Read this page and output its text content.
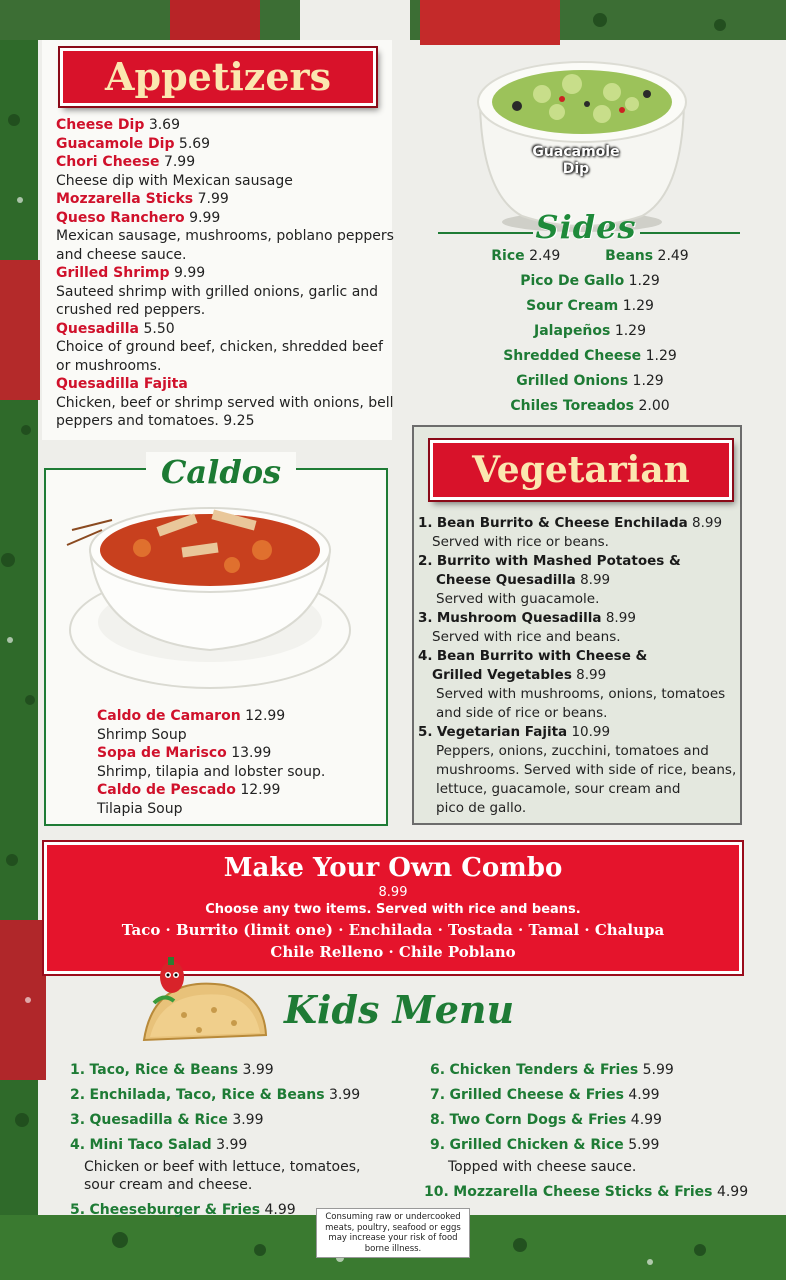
Appetizers
Cheese Dip 3.69
Guacamole Dip 5.69
Chori Cheese 7.99
Cheese dip with Mexican sausage
Mozzarella Sticks 7.99
Queso Ranchero 9.99
Mexican sausage, mushrooms, poblano peppers
and cheese sauce.
Grilled Shrimp 9.99
Sauteed shrimp with grilled onions, garlic and
crushed red peppers.
Quesadilla 5.50
Choice of ground beef, chicken, shredded beef
or mushrooms.
Quesadilla Fajita
Chicken, beef or shrimp served with onions, bell
peppers and tomatoes. 9.25
Guacamole
Dip
Sides
Rice 2.49	Beans 2.49
Pico De Gallo 1.29
Sour Cream 1.29
Jalapeños 1.29
Shredded Cheese 1.29
Grilled Onions 1.29
Chiles Toreados 2.00
Caldos
Caldo de Camaron 12.99
Shrimp Soup
Sopa de Marisco 13.99
Shrimp, tilapia and lobster soup.
Caldo de Pescado 12.99
Tilapia Soup
Vegetarian
1. Bean Burrito & Cheese Enchilada 8.99
Served with rice or beans.
2. Burrito with Mashed Potatoes &
Cheese Quesadilla 8.99
Served with guacamole.
3. Mushroom Quesadilla 8.99
Served with rice and beans.
4. Bean Burrito with Cheese &
Grilled Vegetables 8.99
Served with mushrooms, onions, tomatoes
and side of rice or beans.
5. Vegetarian Fajita 10.99
Peppers, onions, zucchini, tomatoes and
mushrooms. Served with side of rice, beans,
lettuce, guacamole, sour cream and
pico de gallo.
Make Your Own Combo
8.99
Choose any two items. Served with rice and beans.
Taco · Burrito (limit one) · Enchilada · Tostada · Tamal · Chalupa
Chile Relleno · Chile Poblano
Kids Menu
1. Taco, Rice & Beans 3.99
2. Enchilada, Taco, Rice & Beans 3.99
3. Quesadilla & Rice 3.99
4. Mini Taco Salad 3.99
Chicken or beef with lettuce, tomatoes,
sour cream and cheese.
5. Cheeseburger & Fries 4.99
6. Chicken Tenders & Fries 5.99
7. Grilled Cheese & Fries 4.99
8. Two Corn Dogs & Fries 4.99
9. Grilled Chicken & Rice 5.99
Topped with cheese sauce.
10. Mozzarella Cheese Sticks & Fries 4.99
Consuming raw or undercooked
meats, poultry, seafood or eggs
may increase your risk of food
borne illness.
